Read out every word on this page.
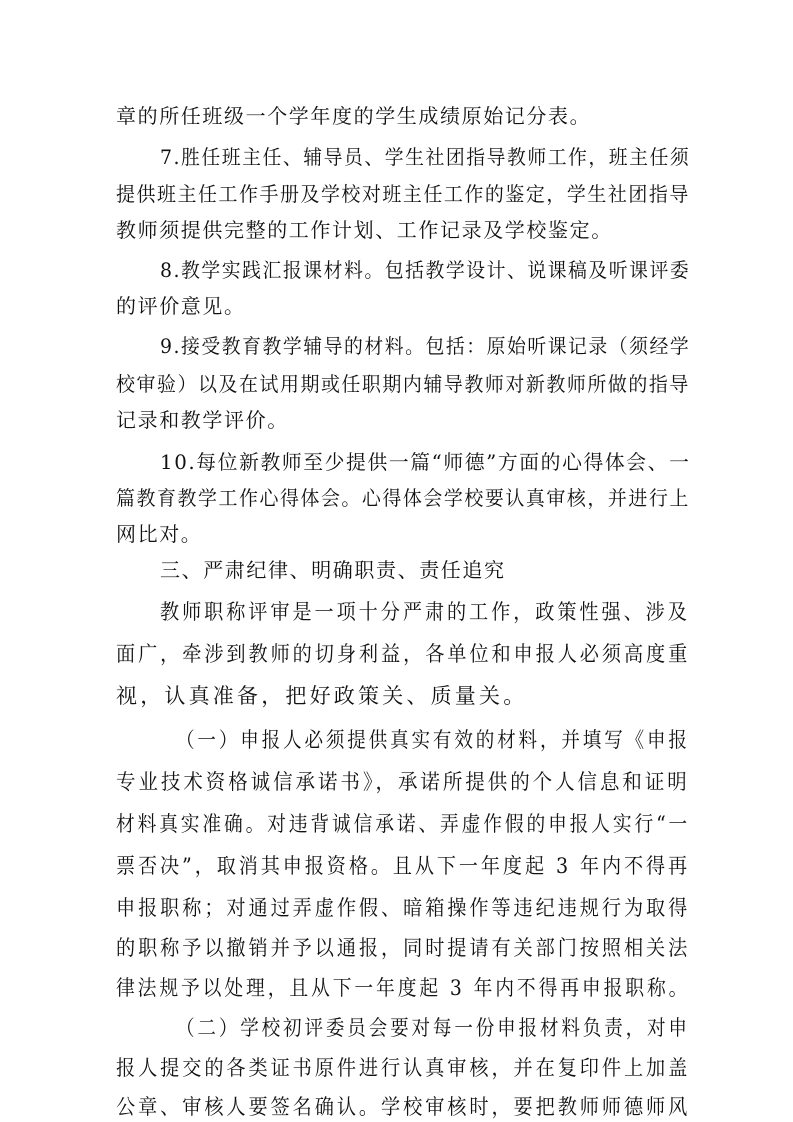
章的所任班级一个学年度的学生成绩原始记分表。
7.胜任班主任、辅导员、学生社团指导教师工作，班主任须
提供班主任工作手册及学校对班主任工作的鉴定，学生社团指导
教师须提供完整的工作计划、工作记录及学校鉴定。
8.教学实践汇报课材料。包括教学设计、说课稿及听课评委
的评价意见。
9.接受教育教学辅导的材料。包括：原始听课记录（须经学
校审验）以及在试用期或任职期内辅导教师对新教师所做的指导
记录和教学评价。
10.每位新教师至少提供一篇“师德”方面的心得体会、一
篇教育教学工作心得体会。心得体会学校要认真审核，并进行上
网比对。
三、严肃纪律、明确职责、责任追究
教师职称评审是一项十分严肃的工作，政策性强、涉及
面广，牵涉到教师的切身利益，各单位和申报人必须高度重
视，认真准备，把好政策关、质量关。
（一）申报人必须提供真实有效的材料，并填写《申报
专业技术资格诚信承诺书》，承诺所提供的个人信息和证明
材料真实准确。对违背诚信承诺、弄虚作假的申报人实行“一
票否决”，取消其申报资格。且从下一年度起 3 年内不得再
申报职称；对通过弄虚作假、暗箱操作等违纪违规行为取得
的职称予以撤销并予以通报，同时提请有关部门按照相关法
律法规予以处理，且从下一年度起 3 年内不得再申报职称。
（二）学校初评委员会要对每一份申报材料负责，对申
报人提交的各类证书原件进行认真审核，并在复印件上加盖
公章、审核人要签名确认。学校审核时，要把教师师德师风
